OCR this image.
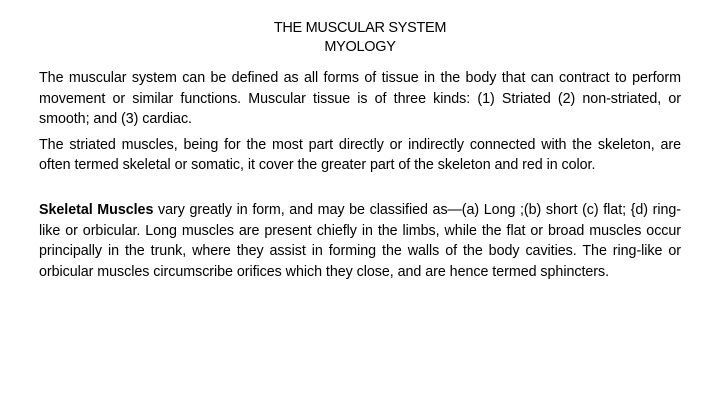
THE MUSCULAR SYSTEM
MYOLOGY

The muscular system can be defined as all forms of tissue in the body that can contract to perform movement or similar functions. Muscular tissue is of three kinds: (1) Striated (2) non-striated, or smooth; and (3) cardiac.

The striated muscles, being for the most part directly or indirectly connected with the skeleton, are often termed skeletal or somatic, it cover the greater part of the skeleton and red in color.

Skeletal Muscles vary greatly in form, and may be classified as—(a) Long ;(b) short (c) flat; {d) ring-like or orbicular. Long muscles are present chiefly in the limbs, while the flat or broad muscles occur principally in the trunk, where they assist in forming the walls of the body cavities. The ring-like or orbicular muscles circumscribe orifices which they close, and are hence termed sphincters.
